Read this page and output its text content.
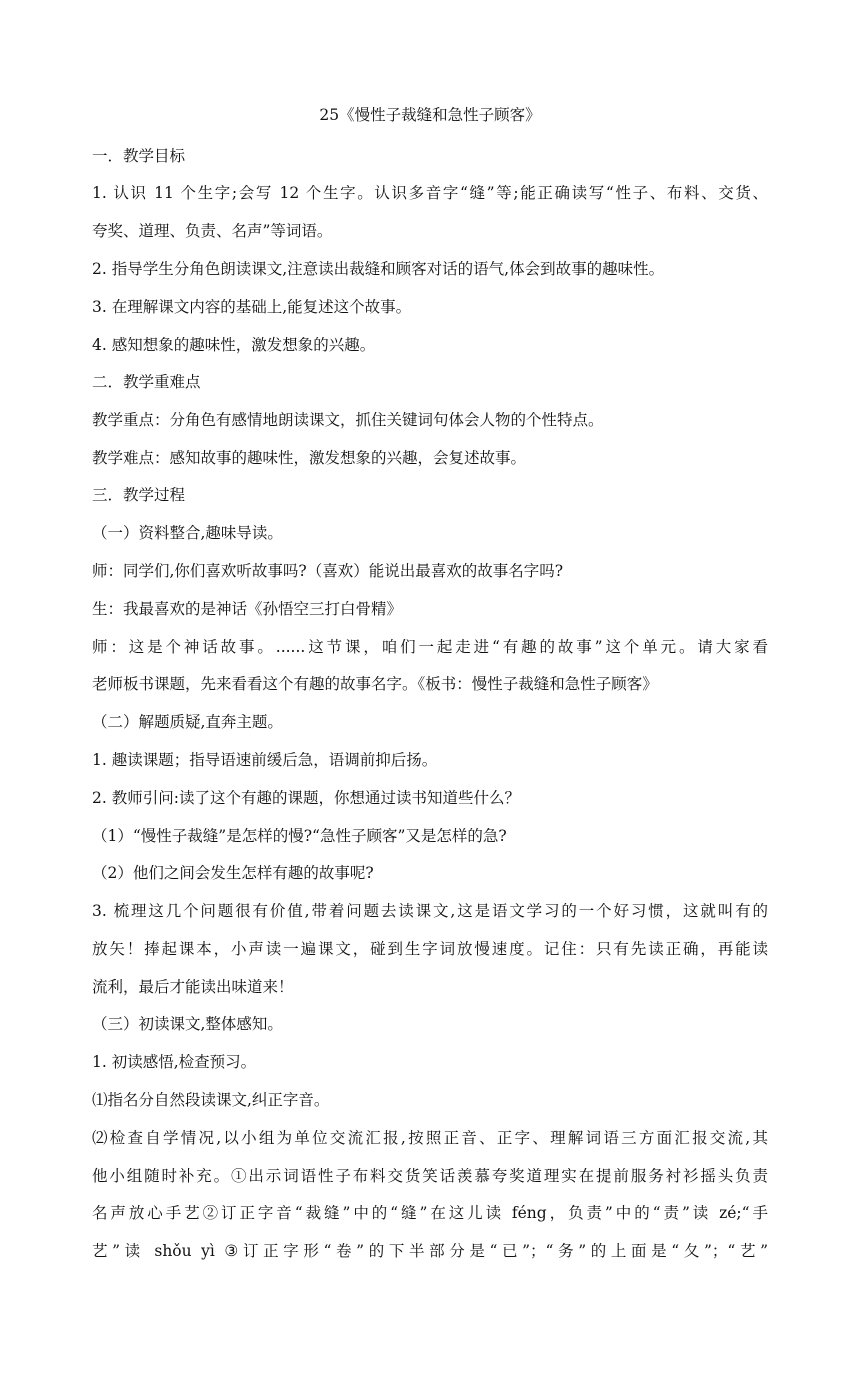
25《慢性子裁缝和急性子顾客》
一．教学目标
1. 认识 11 个生字;会写 12 个生字。认识多音字“缝”等;能正确读写“性子、布料、交货、
夸奖、道理、负责、名声”等词语。
2. 指导学生分角色朗读课文,注意读出裁缝和顾客对话的语气,体会到故事的趣味性。
3. 在理解课文内容的基础上,能复述这个故事。
4. 感知想象的趣味性，激发想象的兴趣。
二．教学重难点
教学重点：分角色有感情地朗读课文，抓住关键词句体会人物的个性特点。
教学难点：感知故事的趣味性，激发想象的兴趣，会复述故事。
三．教学过程
（一）资料整合,趣味导读。
师：同学们,你们喜欢听故事吗?（喜欢）能说出最喜欢的故事名字吗?
生：我最喜欢的是神话《孙悟空三打白骨精》
师：这是个神话故事。......这节课，咱们一起走进“有趣的故事”这个单元。请大家看
老师板书课题，先来看看这个有趣的故事名字。《板书：慢性子裁缝和急性子顾客》
（二）解题质疑,直奔主题。
1. 趣读课题；指导语速前缓后急，语调前抑后扬。
2. 教师引问:读了这个有趣的课题，你想通过读书知道些什么？
（1）“慢性子裁缝”是怎样的慢?“急性子顾客”又是怎样的急?
（2）他们之间会发生怎样有趣的故事呢?
3. 梳理这几个问题很有价值,带着问题去读课文,这是语文学习的一个好习惯，这就叫有的
放矢！捧起课本，小声读一遍课文，碰到生字词放慢速度。记住：只有先读正确，再能读
流利，最后才能读出味道来！
（三）初读课文,整体感知。
1. 初读感悟,检查预习。
⑴指名分自然段读课文,纠正字音。
⑵检查自学情况,以小组为单位交流汇报,按照正音、正字、理解词语三方面汇报交流,其
他小组随时补充。①出示词语性子布料交货笑话羡慕夸奖道理实在提前服务衬衫摇头负责
名声放心手艺②订正字音“裁缝”中的“缝”在这儿读 féng，负责”中的“责”读 zé;“手
艺”读 shǒu yì ③订正字形“卷”的下半部分是“已”；“务”的上面是“夂”；“艺”
